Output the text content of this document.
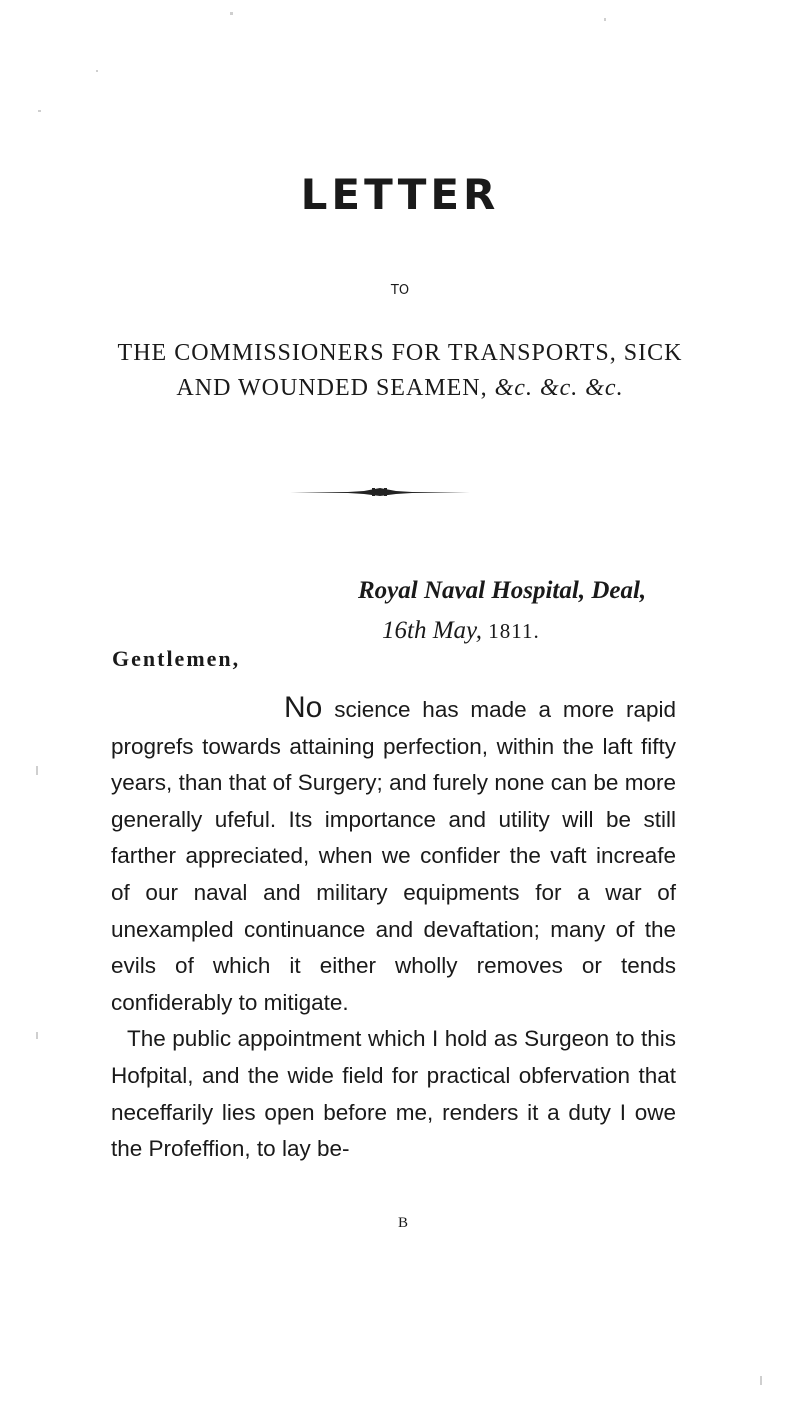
LETTER
TO
THE COMMISSIONERS FOR TRANSPORTS, SICK
AND WOUNDED SEAMEN, &c. &c. &c.
Royal Naval Hospital, Deal,
16th May, 1811.
Gentlemen,

No science has made a more rapid progrefs towards attaining perfection, within the laft fifty years, than that of Surgery; and furely none can be more generally ufeful. Its importance and utility will be still farther appreciated, when we confider the vaft increafe of our naval and military equipments for a war of unexampled continuance and devaftation; many of the evils of which it either wholly removes or tends confiderably to mitigate.

The public appointment which I hold as Surgeon to this Hofpital, and the wide field for practical obfervation that neceffarily lies open before me, renders it a duty I owe the Profeffion, to lay be-

B
